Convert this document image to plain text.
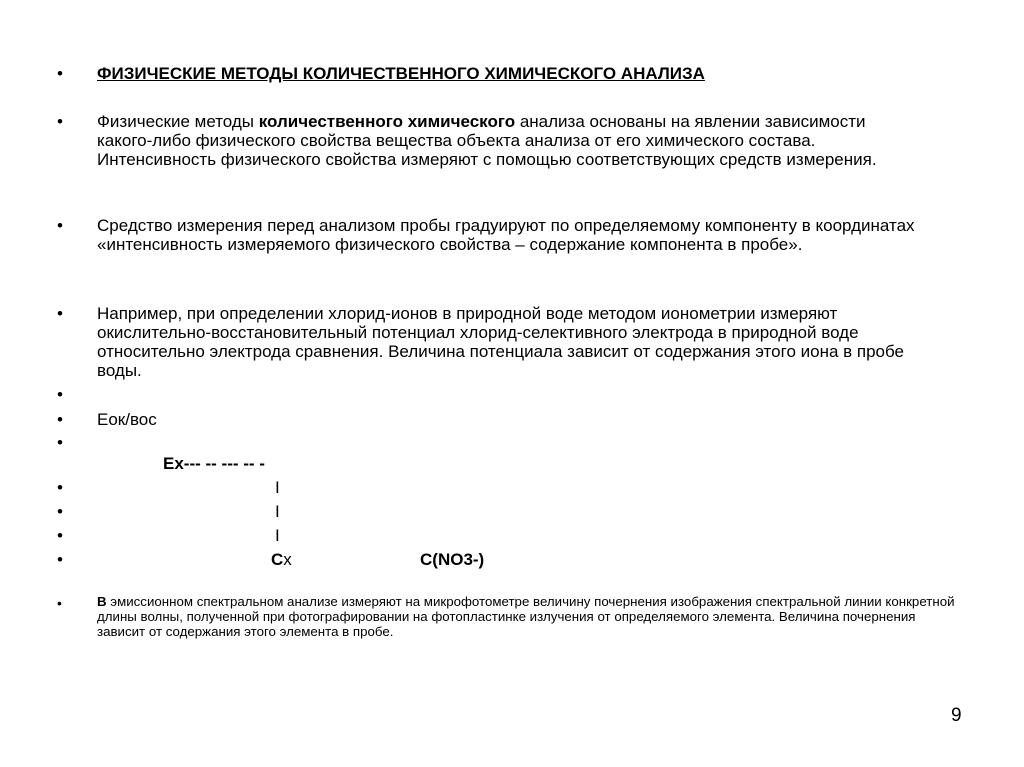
• ФИЗИЧЕСКИЕ МЕТОДЫ КОЛИЧЕСТВЕННОГО ХИМИЧЕСКОГО АНАЛИЗА
• Физические методы количественного химического анализа основаны на явлении зависимости какого-либо физического свойства вещества объекта анализа от его химического состава. Интенсивность физического свойства измеряют с помощью соответствующих средств измерения.
• Средство измерения перед анализом пробы градуируют по определяемому компоненту в координатах «интенсивность измеряемого физического свойства – содержание компонента в пробе».
• Например, при определении хлорид-ионов в природной воде методом ионометрии измеряют окислительно-восстановительный потенциал хлорид-селективного электрода в природной воде относительно электрода сравнения. Величина потенциала зависит от содержания этого иона в пробе воды.
•
• Еок/вос
•
Ex--- -- --- -- -
•	I
•	I
•	I
•	Cx	C(NO3-)
•	В эмиссионном спектральном анализе измеряют на микрофотометре величину почернения изображения спектральной линии конкретной длины волны, полученной при фотографировании на фотопластинке излучения от определяемого элемента. Величина почернения зависит от содержания этого элемента в пробе.
9
